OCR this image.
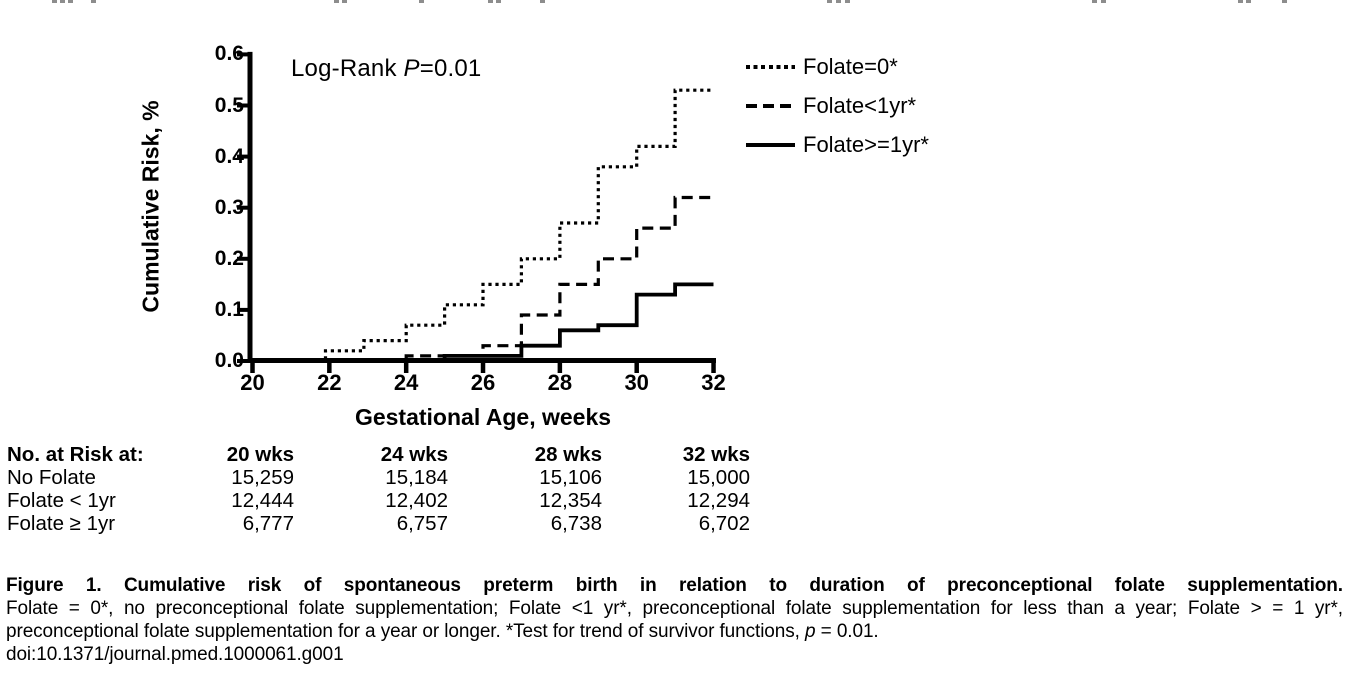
0.0
0.1
0.2
0.3
0.4
0.5
0.6
20	22	24	26	28	30	32
Cumulative Risk, %
Gestational Age, weeks
Log-Rank P=0.01	Folate=0*
Folate<1yr*
Folate>=1yr*
No. at Risk at:	20 wks	24 wks	28 wks	32 wks
No Folate	15,259	15,184	15,106	15,000
Folate < 1yr	12,444	12,402	12,354	12,294
Folate ≥ 1yr	6,777	6,757	6,738	6,702
Figure 1. Cumulative risk of spontaneous preterm birth in relation to duration of preconceptional folate supplementation.
Folate = 0*, no preconceptional folate supplementation; Folate <1 yr*, preconceptional folate supplementation for less than a year; Folate > = 1 yr*, preconceptional folate supplementation for a year or longer. *Test for trend of survivor functions, p = 0.01.
doi:10.1371/journal.pmed.1000061.g001
